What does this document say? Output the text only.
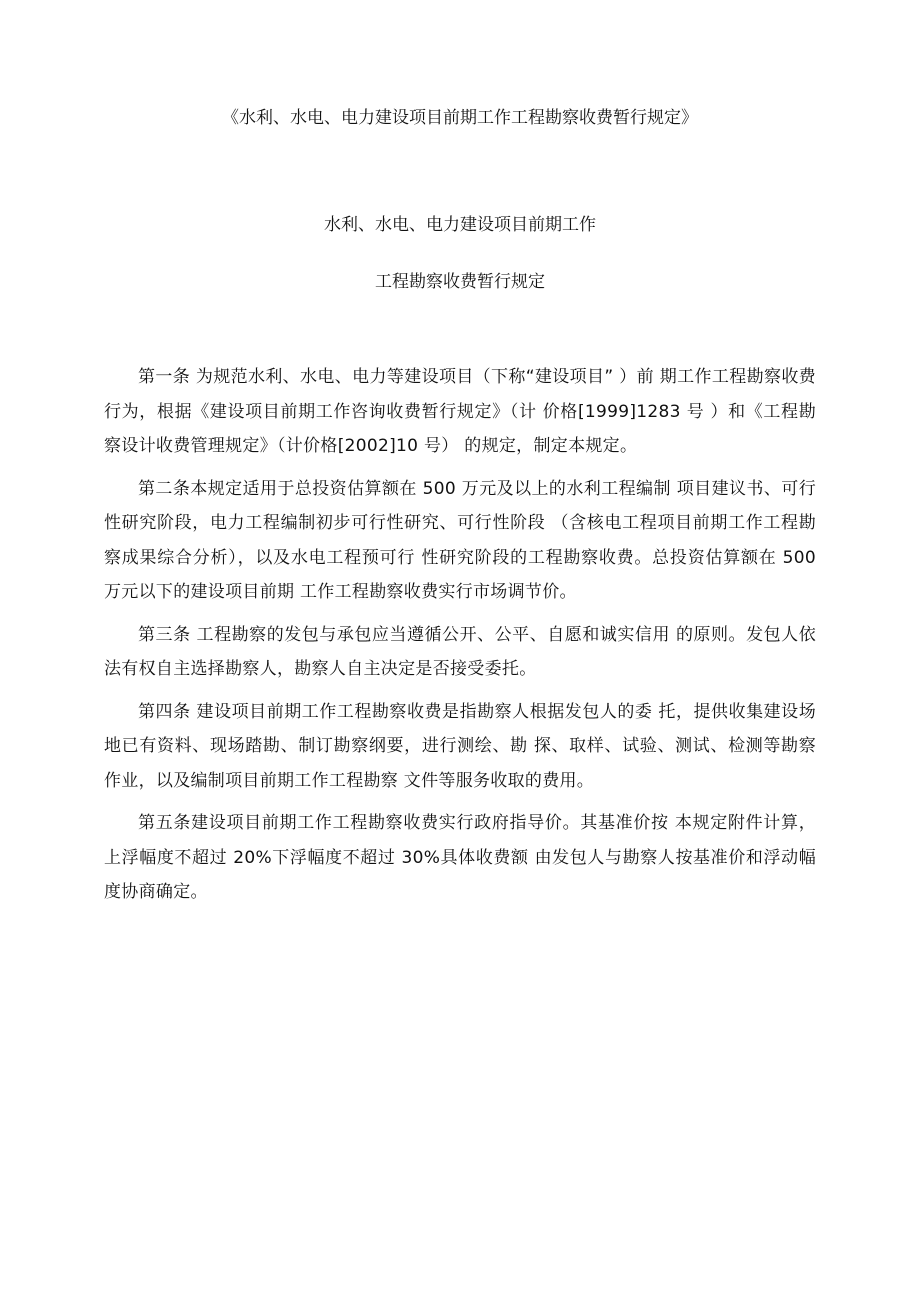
《水利、水电、电力建设项目前期工作工程勘察收费暂行规定》
水利、水电、电力建设项目前期工作
工程勘察收费暂行规定

第一条 为规范水利、水电、电力等建设项目（下称“建设项目” ）前 期工作工程勘察收费行为，根据《建设项目前期工作咨询收费暂行规定》（计 价格[1999]1283 号 ）和《工程勘察设计收费管理规定》（计价格[2002]10 号） 的规定，制定本规定。

第二条本规定适用于总投资估算额在 500 万元及以上的水利工程编制 项目建议书、可行性研究阶段，电力工程编制初步可行性研究、可行性阶段 （含核电工程项目前期工作工程勘察成果综合分析），以及水电工程预可行 性研究阶段的工程勘察收费。总投资估算额在 500 万元以下的建设项目前期 工作工程勘察收费实行市场调节价。

第三条 工程勘察的发包与承包应当遵循公开、公平、自愿和诚实信用 的原则。发包人依法有权自主选择勘察人，勘察人自主决定是否接受委托。

第四条 建设项目前期工作工程勘察收费是指勘察人根据发包人的委 托，提供收集建设场地已有资料、现场踏勘、制订勘察纲要，进行测绘、勘 探、取样、试验、测试、检测等勘察作业，以及编制项目前期工作工程勘察 文件等服务收取的费用。

第五条建设项目前期工作工程勘察收费实行政府指导价。其基准价按 本规定附件计算，上浮幅度不超过 20%下浮幅度不超过 30%具体收费额 由发包人与勘察人按基准价和浮动幅度协商确定。
